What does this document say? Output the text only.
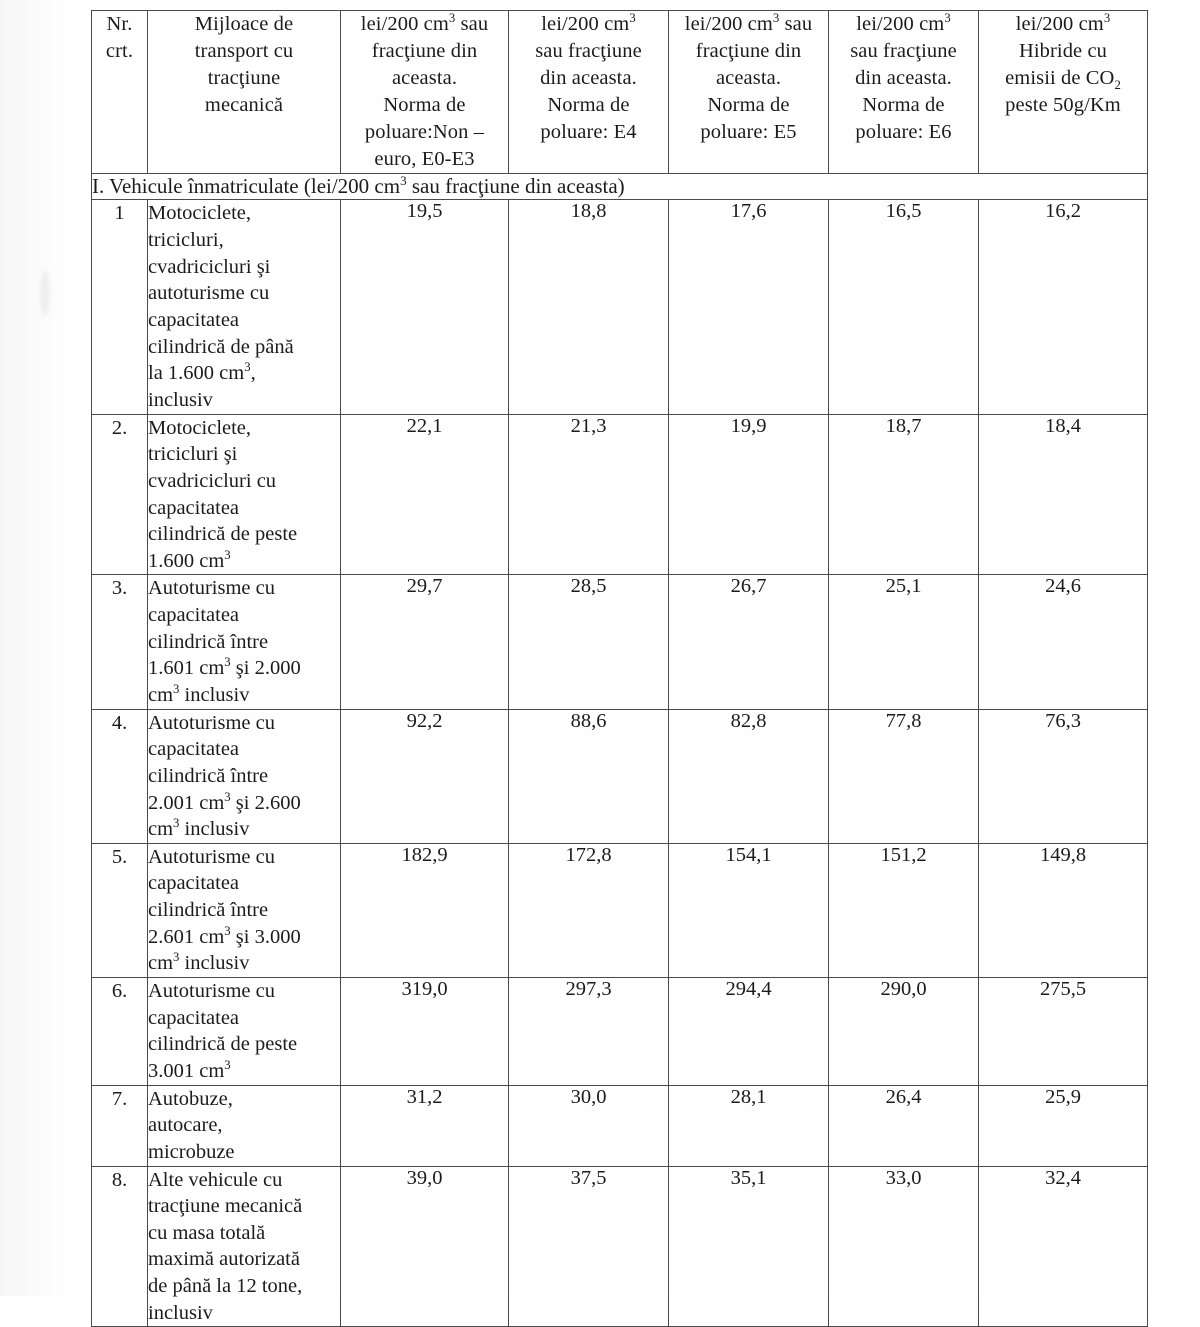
Nr.
crt.	Mijloace de
transport cu
tracţiune
mecanică	lei/200 $cm^3$ sau
fracţiune din
aceasta.
Norma de
poluare:Non –
euro, E0-E3	lei/200 $cm^3$
sau fracţiune
din aceasta.
Norma de
poluare: E4	lei/200 $cm^3$ sau
fracţiune din
aceasta.
Norma de
poluare: E5	lei/200 $cm^3$
sau fracţiune
din aceasta.
Norma de
poluare: E6	lei/200 $cm^3$
Hibride cu
emisii de $CO_2$
peste 50g/Km
I. Vehicule înmatriculate (lei/200 $cm^3$ sau fracţiune din aceasta)						
1	Motociclete,
tricicluri,
cvadricicluri şi
autoturisme cu
capacitatea
cilindrică de până
la 1.600 $cm^3$,
inclusiv	19,5	18,8	17,6	16,5	16,2
2.	Motociclete,
tricicluri şi
cvadricicluri cu
capacitatea
cilindrică de peste
1.600 $cm^3$	22,1	21,3	19,9	18,7	18,4
3.	Autoturisme cu
capacitatea
cilindrică între
1.601 $cm^3$ şi 2.000
$cm^3$ inclusiv	29,7	28,5	26,7	25,1	24,6
4.	Autoturisme cu
capacitatea
cilindrică între
2.001 $cm^3$ şi 2.600
$cm^3$ inclusiv	92,2	88,6	82,8	77,8	76,3
5.	Autoturisme cu
capacitatea
cilindrică între
2.601 $cm^3$ şi 3.000
$cm^3$ inclusiv	182,9	172,8	154,1	151,2	149,8
6.	Autoturisme cu
capacitatea
cilindrică de peste
3.001 $cm^3$	319,0	297,3	294,4	290,0	275,5
7.	Autobuze,
autocare,
microbuze	31,2	30,0	28,1	26,4	25,9
8.	Alte vehicule cu
tracţiune mecanică
cu masa totală
maximă autorizată
de până la 12 tone,
inclusiv	39,0	37,5	35,1	33,0	32,4
